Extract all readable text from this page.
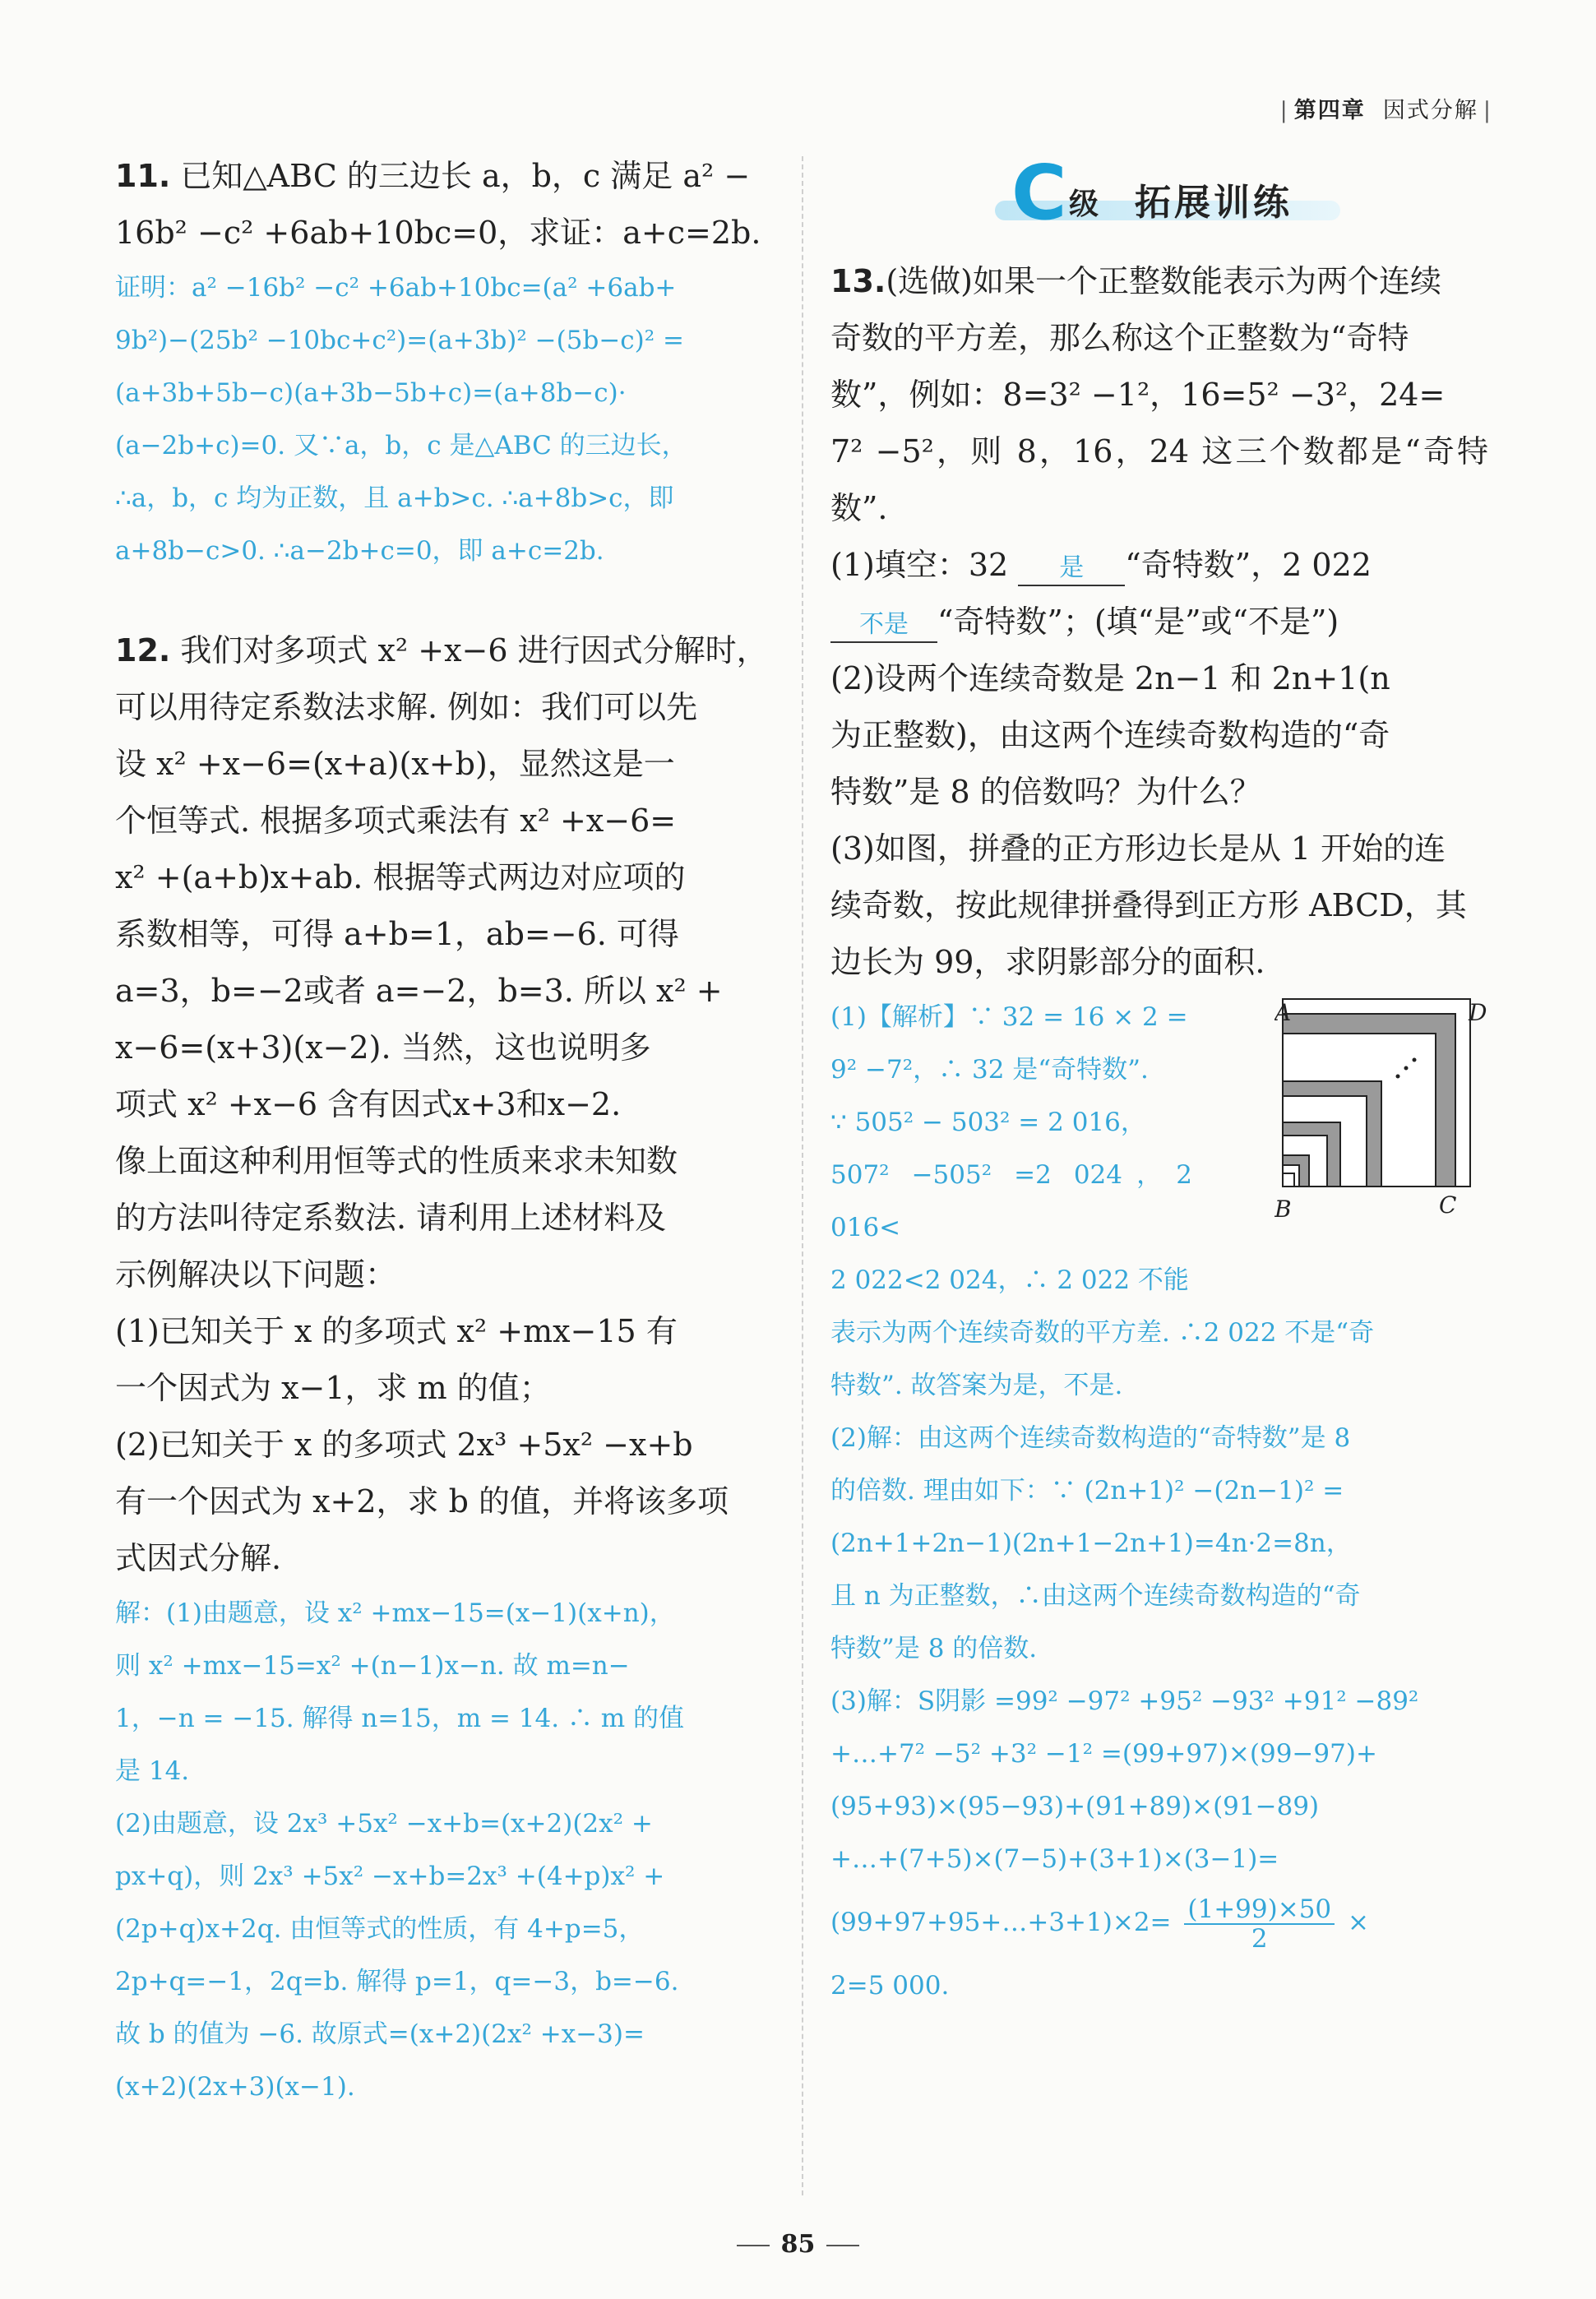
| 第四章 因式分解 |

11. 已知△ABC 的三边长 a，b，c 满足 a² −

16b² −c² +6ab+10bc=0，求证：a+c=2b.

证明：a² −16b² −c² +6ab+10bc=(a² +6ab+

9b²)−(25b² −10bc+c²)=(a+3b)² −(5b−c)² =

(a+3b+5b−c)(a+3b−5b+c)=(a+8b−c)·

(a−2b+c)=0. 又∵a，b，c 是△ABC 的三边长，

∴a，b，c 均为正数，且 a+b>c. ∴a+8b>c，即

a+8b−c>0. ∴a−2b+c=0，即 a+c=2b.

12. 我们对多项式 x² +x−6 进行因式分解时，

可以用待定系数法求解. 例如：我们可以先

设 x² +x−6=(x+a)(x+b)，显然这是一

个恒等式. 根据多项式乘法有 x² +x−6=

x² +(a+b)x+ab. 根据等式两边对应项的

系数相等，可得 a+b=1，ab=−6. 可得

a=3，b=−2或者 a=−2，b=3. 所以 x² +

x−6=(x+3)(x−2). 当然，这也说明多

项式 x² +x−6 含有因式x+3和x−2.

像上面这种利用恒等式的性质来求未知数

的方法叫待定系数法. 请利用上述材料及

示例解决以下问题：

(1)已知关于 x 的多项式 x² +mx−15 有

一个因式为 x−1，求 m 的值；

(2)已知关于 x 的多项式 2x³ +5x² −x+b

有一个因式为 x+2，求 b 的值，并将该多项

式因式分解.

解：(1)由题意，设 x² +mx−15=(x−1)(x+n)，

则 x² +mx−15=x² +(n−1)x−n. 故 m=n−

1，−n = −15. 解得 n=15，m = 14. ∴ m 的值

是 14.

(2)由题意，设 2x³ +5x² −x+b=(x+2)(2x² +

px+q)，则 2x³ +5x² −x+b=2x³ +(4+p)x² +

(2p+q)x+2q. 由恒等式的性质，有 4+p=5，

2p+q=−1，2q=b. 解得 p=1，q=−3，b=−6.

故 b 的值为 −6. 故原式=(x+2)(2x² +x−3)=

(x+2)(2x+3)(x−1).

C 级 拓展训练

13.(选做)如果一个正整数能表示为两个连续

奇数的平方差，那么称这个正整数为“奇特

数”，例如：8=3² −1²，16=5² −3²，24=

7² −5²，则 8，16，24 这三个数都是“奇特数”.

(1)填空：32 是 “奇特数”，2 022

不是 “奇特数”；(填“是”或“不是”)

(2)设两个连续奇数是 2n−1 和 2n+1(n

为正整数)，由这两个连续奇数构造的“奇

特数”是 8 的倍数吗？为什么？

(3)如图，拼叠的正方形边长是从 1 开始的连

续奇数，按此规律拼叠得到正方形 ABCD，其

边长为 99，求阴影部分的面积.

A	D
B	C

(1)【解析】∵ 32 = 16 × 2 =

9² −7²，∴ 32 是“奇特数”.

∵ 505² − 503² = 2 016，

507² −505² =2 024，2 016<

2 022<2 024，∴ 2 022 不能

表示为两个连续奇数的平方差. ∴2 022 不是“奇

特数”. 故答案为是，不是.

(2)解：由这两个连续奇数构造的“奇特数”是 8

的倍数. 理由如下：∵ (2n+1)² −(2n−1)² =

(2n+1+2n−1)(2n+1−2n+1)=4n·2=8n，

且 n 为正整数，∴由这两个连续奇数构造的“奇

特数”是 8 的倍数.

(3)解：S阴影 =99² −97² +95² −93² +91² −89²

+…+7² −5² +3² −1² =(99+97)×(99−97)+

(95+93)×(95−93)+(91+89)×(91−89)

+…+(7+5)×(7−5)+(3+1)×(3−1)=

(99+97+95+…+3+1)×2= $\frac{(1+99)\times 50}{2}$ ×

2=5 000.

85
